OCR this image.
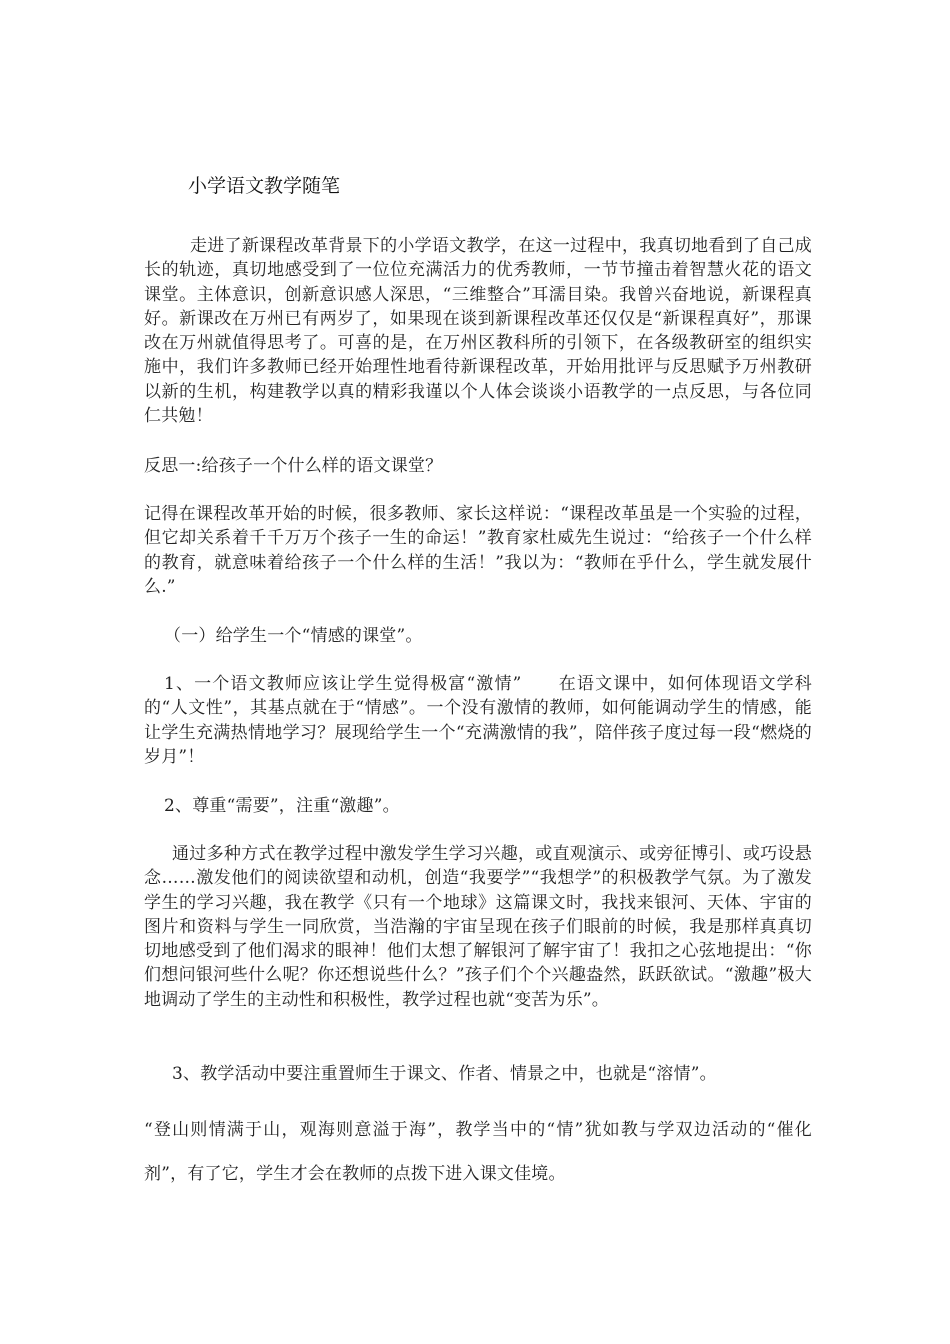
小学语文教学随笔

走进了新课程改革背景下的小学语文教学，在这一过程中，我真切地看到了自己成长的轨迹，真切地感受到了一位位充满活力的优秀教师，一节节撞击着智慧火花的语文课堂。主体意识，创新意识感人深思，“三维整合”耳濡目染。我曾兴奋地说，新课程真好。新课改在万州已有两岁了，如果现在谈到新课程改革还仅仅是“新课程真好”，那课改在万州就值得思考了。可喜的是，在万州区教科所的引领下，在各级教研室的组织实施中，我们许多教师已经开始理性地看待新课程改革，开始用批评与反思赋予万州教研以新的生机，构建教学以真的精彩我谨以个人体会谈谈小语教学的一点反思，与各位同仁共勉！

反思一:给孩子一个什么样的语文课堂？

记得在课程改革开始的时候，很多教师、家长这样说：“课程改革虽是一个实验的过程，但它却关系着千千万万个孩子一生的命运！”教育家杜威先生说过：“给孩子一个什么样的教育，就意味着给孩子一个什么样的生活！”我以为：“教师在乎什么，学生就发展什么.”

（一）给学生一个“情感的课堂”。

1、一个语文教师应该让学生觉得极富“激情”　　在语文课中，如何体现语文学科的“人文性”，其基点就在于“情感”。一个没有激情的教师，如何能调动学生的情感，能让学生充满热情地学习？展现给学生一个“充满激情的我”，陪伴孩子度过每一段“燃烧的岁月”！

2、尊重“需要”，注重“激趣”。

通过多种方式在教学过程中激发学生学习兴趣，或直观演示、或旁征博引、或巧设悬念……激发他们的阅读欲望和动机，创造“我要学”“我想学”的积极教学气氛。为了激发学生的学习兴趣，我在教学《只有一个地球》这篇课文时，我找来银河、天体、宇宙的图片和资料与学生一同欣赏，当浩瀚的宇宙呈现在孩子们眼前的时候，我是那样真真切切地感受到了他们渴求的眼神！他们太想了解银河了解宇宙了！我扣之心弦地提出：“你们想问银河些什么呢？你还想说些什么？”孩子们个个兴趣盎然，跃跃欲试。“激趣”极大地调动了学生的主动性和积极性，教学过程也就“变苦为乐”。

3、教学活动中要注重置师生于课文、作者、情景之中，也就是“溶情”。

“登山则情满于山，观海则意溢于海”，教学当中的“情”犹如教与学双边活动的“催化剂”，有了它，学生才会在教师的点拨下进入课文佳境。
